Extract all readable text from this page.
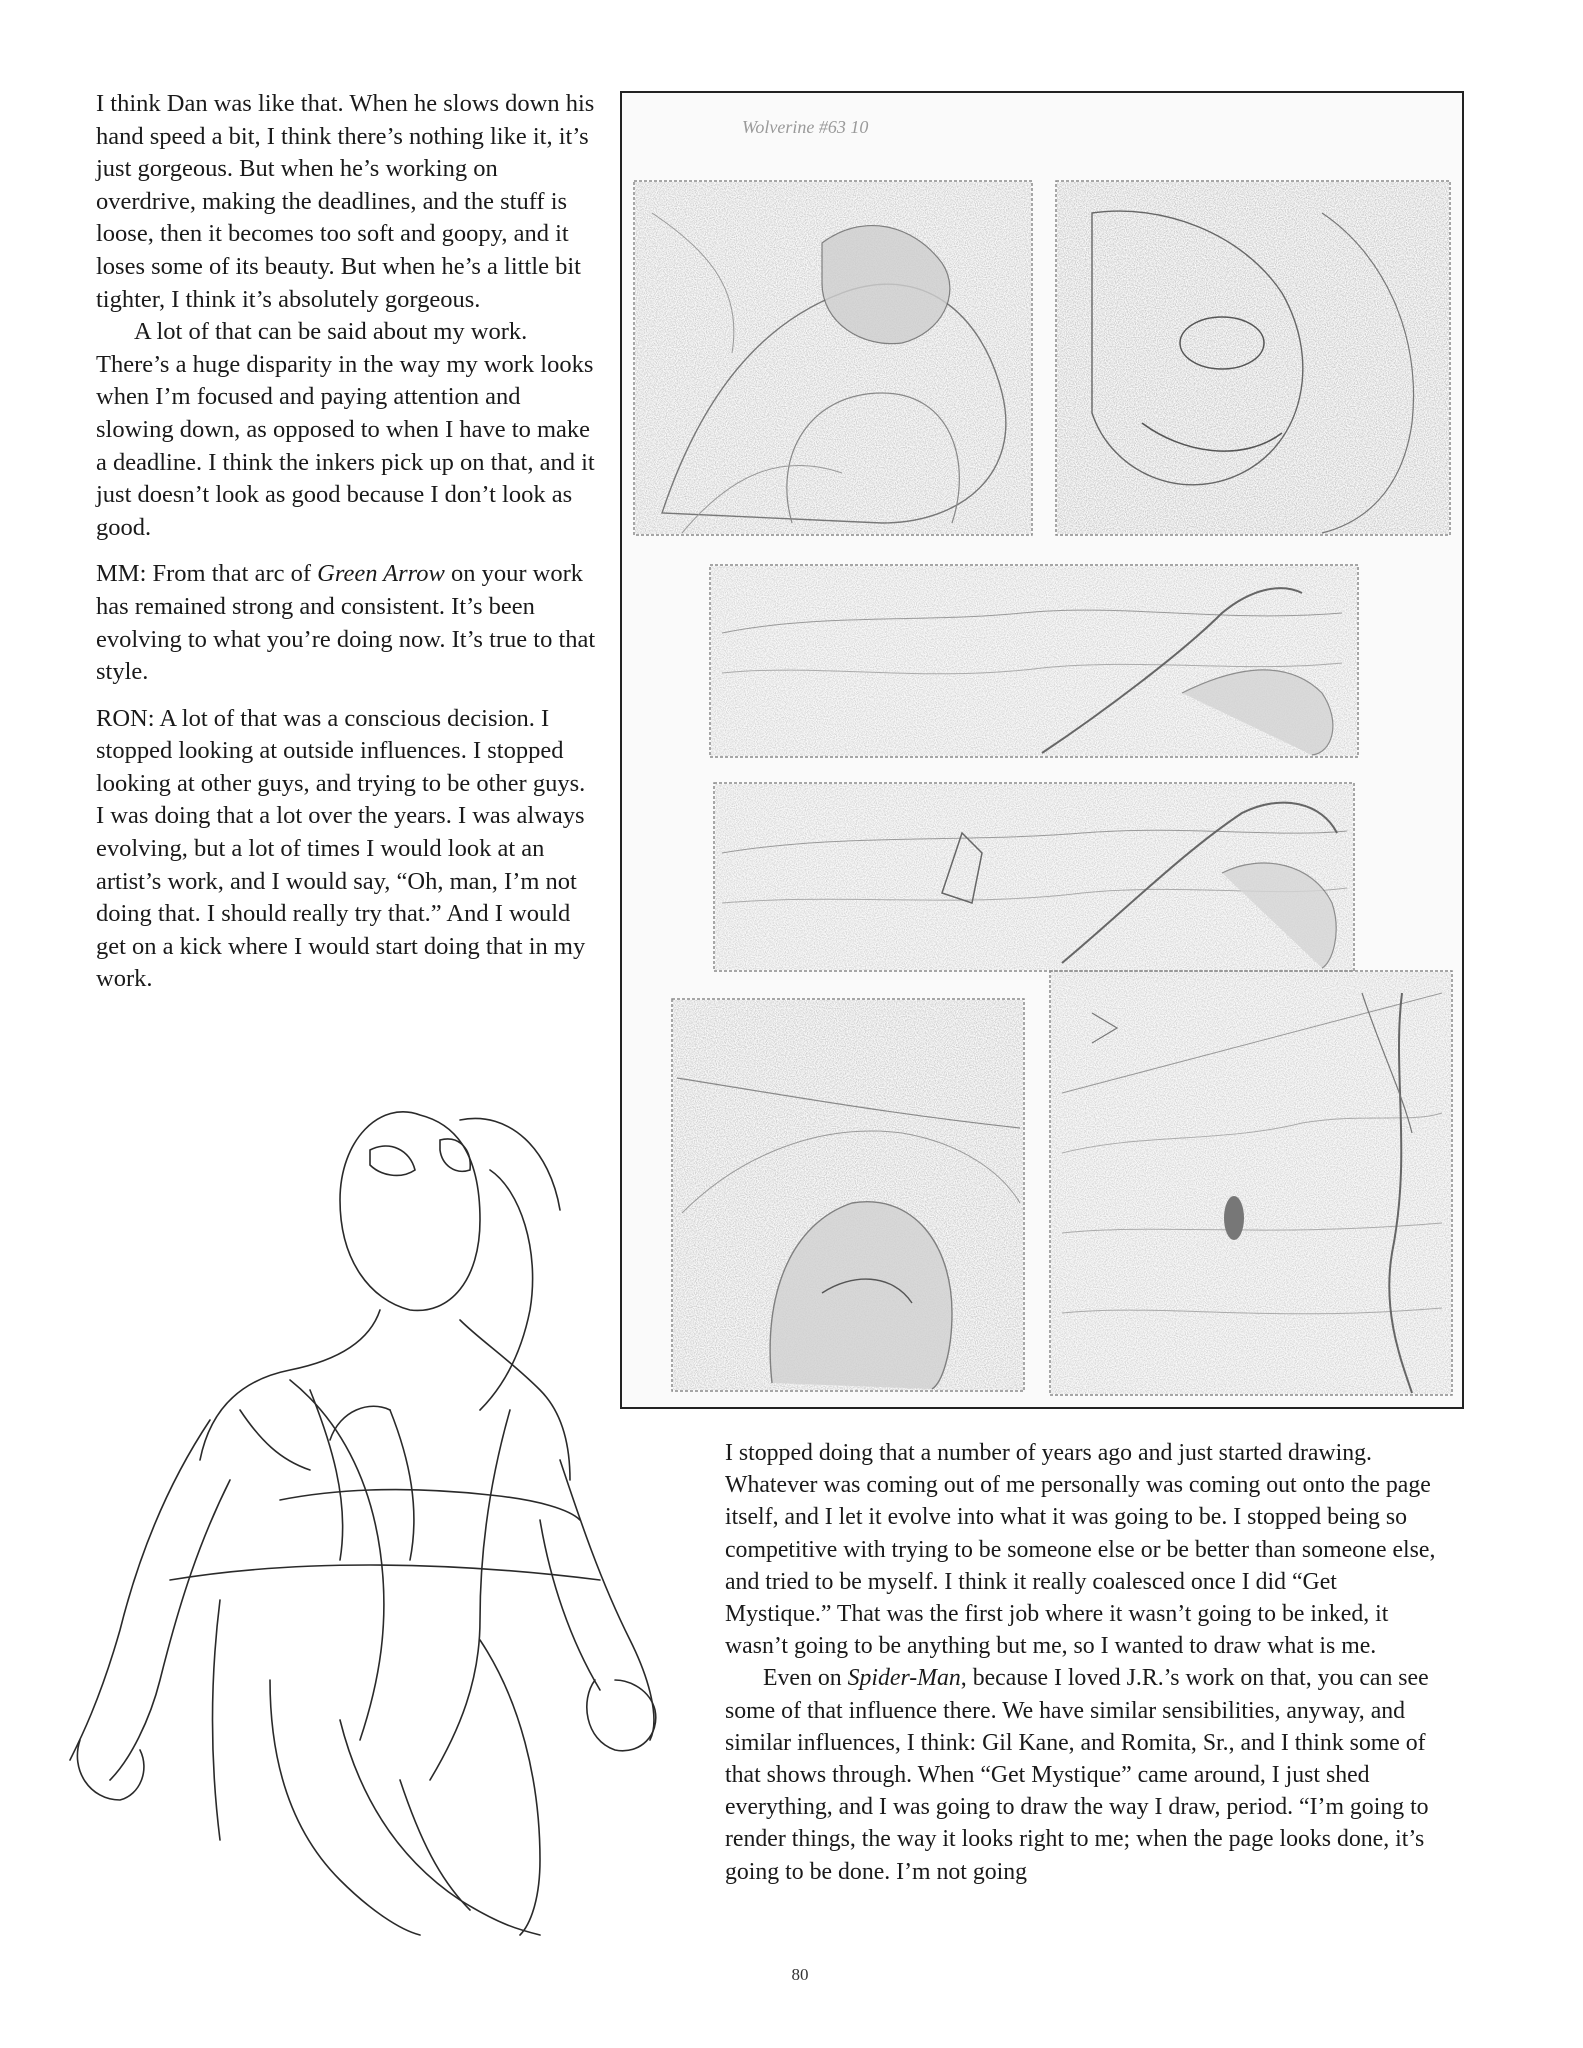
I think Dan was like that. When he slows down his hand speed a bit, I think there’s nothing like it, it’s just gorgeous. But when he’s working on overdrive, making the deadlines, and the stuff is loose, then it becomes too soft and goopy, and it loses some of its beauty. But when he’s a little bit tighter, I think it’s absolutely gorgeous.

A lot of that can be said about my work. There’s a huge disparity in the way my work looks when I’m focused and paying attention and slowing down, as opposed to when I have to make a deadline. I think the inkers pick up on that, and it just doesn’t look as good because I don’t look as good.

MM: From that arc of Green Arrow on your work has remained strong and consistent. It’s been evolving to what you’re doing now. It’s true to that style.

RON: A lot of that was a conscious decision. I stopped looking at outside influences. I stopped looking at other guys, and trying to be other guys. I was doing that a lot over the years. I was always evolving, but a lot of times I would look at an artist’s work, and I would say, “Oh, man, I’m not doing that. I should really try that.” And I would get on a kick where I would start doing that in my work.

Wolverine #63 10

I stopped doing that a number of years ago and just started drawing. Whatever was coming out of me personally was coming out onto the page itself, and I let it evolve into what it was going to be. I stopped being so competitive with trying to be someone else or be better than someone else, and tried to be myself. I think it really coalesced once I did “Get Mystique.” That was the first job where it wasn’t going to be inked, it wasn’t going to be anything but me, so I wanted to draw what is me.

Even on Spider-Man, because I loved J.R.’s work on that, you can see some of that influence there. We have similar sensibilities, anyway, and similar influences, I think: Gil Kane, and Romita, Sr., and I think some of that shows through. When “Get Mystique” came around, I just shed everything, and I was going to draw the way I draw, period. “I’m going to render things, the way it looks right to me; when the page looks done, it’s going to be done. I’m not going

80
